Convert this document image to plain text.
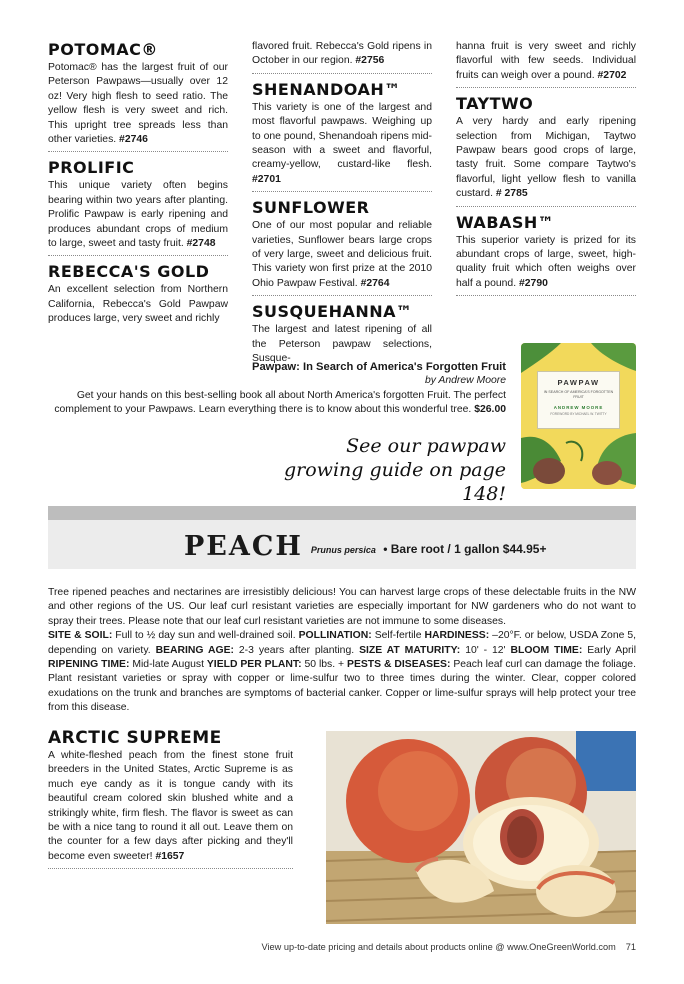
POTOMAC®
Potomac® has the largest fruit of our Peterson Pawpaws—usually over 12 oz! Very high flesh to seed ratio. The yellow flesh is very sweet and rich. This upright tree spreads less than other varieties. #2746
PROLIFIC
This unique variety often begins bearing within two years after planting. Prolific Pawpaw is early ripening and produces abundant crops of medium to large, sweet and tasty fruit. #2748
REBECCA'S GOLD
An excellent selection from Northern California, Rebecca's Gold Pawpaw produces large, very sweet and richly
flavored fruit. Rebecca's Gold ripens in October in our region. #2756
SHENANDOAH™
This variety is one of the largest and most flavorful pawpaws. Weighing up to one pound, Shenandoah ripens mid-season with a sweet and flavorful, creamy-yellow, custard-like flesh. #2701
SUNFLOWER
One of our most popular and reliable varieties, Sunflower bears large crops of very large, sweet and delicious fruit. This variety won first prize at the 2010 Ohio Pawpaw Festival. #2764
SUSQUEHANNA™
The largest and latest ripening of all the Peterson pawpaw selections, Susque-
hanna fruit is very sweet and richly flavorful with few seeds. Individual fruits can weigh over a pound. #2702
TAYTWO
A very hardy and early ripening selection from Michigan, Taytwo Pawpaw bears good crops of large, tasty fruit. Some compare Taytwo's flavorful, light yellow flesh to vanilla custard. # 2785
WABASH™
This superior variety is prized for its abundant crops of large, sweet, high-quality fruit which often weighs over half a pound. #2790
Pawpaw: In Search of America's Forgotten Fruit
by Andrew Moore
Get your hands on this best-selling book all about North America's forgotten Fruit. The perfect complement to your Pawpaws. Learn everything there is to know about this wonderful tree. $26.00
See our pawpaw
growing guide on page 148!
PAWPAW
IN SEARCH OF AMERICA'S FORGOTTEN FRUIT
ANDREW MOORE
FOREWORD BY MICHAEL W. TWITTY
PEACH Prunus persica • Bare root / 1 gallon $44.95+
Tree ripened peaches and nectarines are irresistibly delicious! You can harvest large crops of these delectable fruits in the NW and other regions of the US. Our leaf curl resistant varieties are especially important for NW gardeners who do not want to spray their trees. Please note that our leaf curl resistant varieties are not immune to some diseases.
SITE & SOIL: Full to ½ day sun and well-drained soil. POLLINATION: Self-fertile HARDINESS: –20°F. or below, USDA Zone 5, depending on variety. BEARING AGE: 2-3 years after planting. SIZE AT MATURITY: 10' - 12' BLOOM TIME: Early April RIPENING TIME: Mid-late August YIELD PER PLANT: 50 lbs. + PESTS & DISEASES: Peach leaf curl can damage the foliage. Plant resistant varieties or spray with copper or lime-sulfur two to three times during the winter. Clear, copper colored exudations on the trunk and branches are symptoms of bacterial canker. Copper or lime-sulfur sprays will help protect your tree from this disease.
ARCTIC SUPREME
A white-fleshed peach from the finest stone fruit breeders in the United States, Arctic Supreme is as much eye candy as it is tongue candy with its beautiful cream colored skin blushed white and a strikingly white, firm flesh. The flavor is sweet as can be with a nice tang to round it all out. Leave them on the counter for a few days after picking and they'll become even sweeter! #1657
View up-to-date pricing and details about products online @ www.OneGreenWorld.com 71
